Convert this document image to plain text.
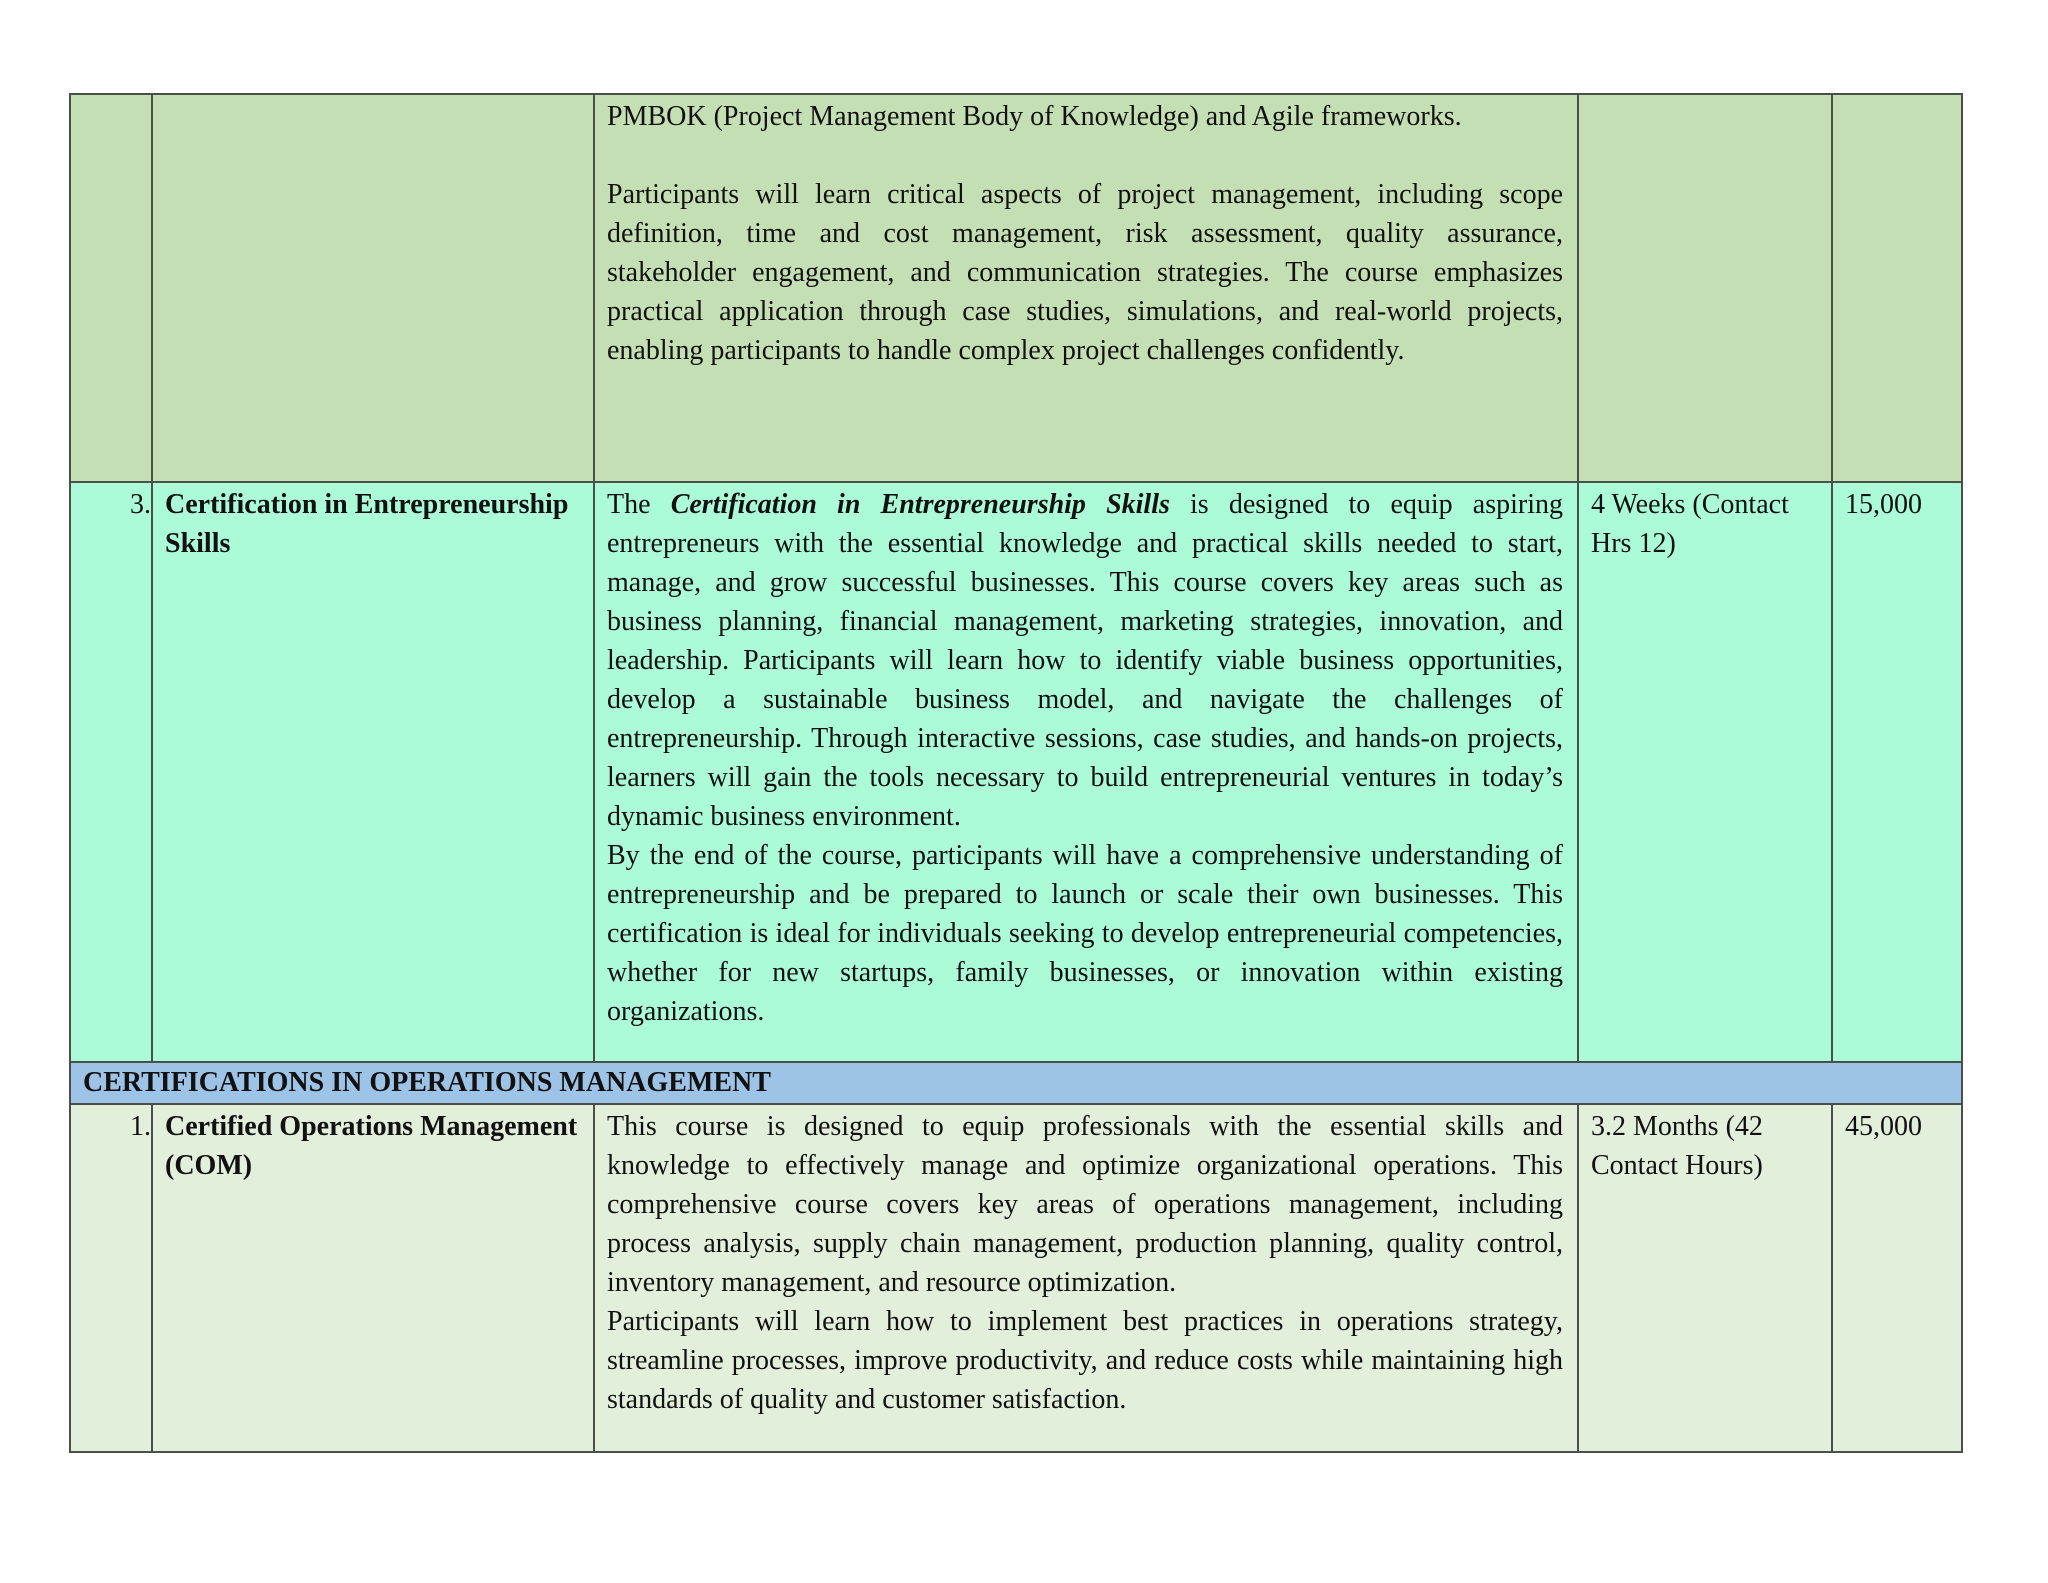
		PMBOK (Project Management Body of Knowledge) and Agile frameworks.

Participants will learn critical aspects of project management, including scope definition, time and cost management, risk assessment, quality assurance, stakeholder engagement, and communication strategies. The course emphasizes practical application through case studies, simulations, and real-world projects, enabling participants to handle complex project challenges confidently.		

3.	Certification in Entrepreneurship Skills	The Certification in Entrepreneurship Skills is designed to equip aspiring entrepreneurs with the essential knowledge and practical skills needed to start, manage, and grow successful businesses. This course covers key areas such as business planning, financial management, marketing strategies, innovation, and leadership. Participants will learn how to identify viable business opportunities, develop a sustainable business model, and navigate the challenges of entrepreneurship. Through interactive sessions, case studies, and hands-on projects, learners will gain the tools necessary to build entrepreneurial ventures in today’s dynamic business environment.

By the end of the course, participants will have a comprehensive understanding of entrepreneurship and be prepared to launch or scale their own businesses. This certification is ideal for individuals seeking to develop entrepreneurial competencies, whether for new startups, family businesses, or innovation within existing organizations.	4 Weeks (Contact Hrs 12)	15,000
CERTIFICATIONS IN OPERATIONS MANAGEMENT				
1.	Certified Operations Management (COM)	This course is designed to equip professionals with the essential skills and knowledge to effectively manage and optimize organizational operations. This comprehensive course covers key areas of operations management, including process analysis, supply chain management, production planning, quality control, inventory management, and resource optimization.

Participants will learn how to implement best practices in operations strategy, streamline processes, improve productivity, and reduce costs while maintaining high standards of quality and customer satisfaction.	3.2 Months (42 Contact Hours)	45,000
